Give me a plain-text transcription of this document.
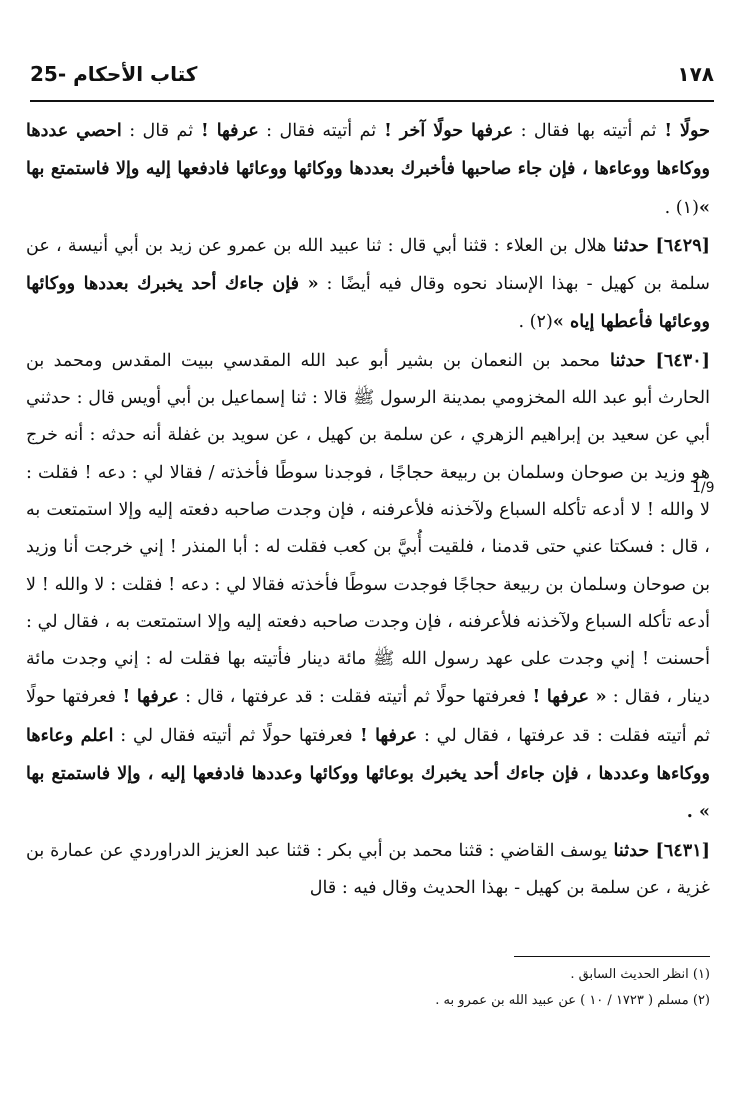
25- كتاب الأحكام	١٧٨

حولًا ! ثم أتيته بها فقال : عرفها حولًا آخر ! ثم أتيته فقال : عرفها ! ثم قال : احصي عددها ووكاءها ووعاءها ، فإن جاء صاحبها فأخبرك بعددها ووكائها ووعائها فادفعها إليه وإلا فاستمتع بها »(١) .

[٦٤٢٩] حدثنا هلال بن العلاء : قثنا أبي قال : ثنا عبيد الله بن عمرو عن زيد بن أبي أنيسة ، عن سلمة بن كهيل - بهذا الإسناد نحوه وقال فيه أيضًا : « فإن جاءك أحد يخبرك بعددها ووكائها ووعائها فأعطها إياه »(٢) .

[٦٤٣٠] حدثنا محمد بن النعمان بن بشير أبو عبد الله المقدسي ببيت المقدس ومحمد بن الحارث أبو عبد الله المخزومي بمدينة الرسول ﷺ قالا : ثنا إسماعيل بن أبي أويس قال : حدثني أبي عن سعيد بن إبراهيم الزهري ، عن سلمة بن كهيل ، عن سويد بن غفلة أنه حدثه : أنه خرج هو وزيد بن صوحان وسلمان بن ربيعة حجاجًا ، فوجدنا سوطًا فأخذته / فقالا لي : دعه ! فقلت : لا والله ! لا أدعه تأكله السباع ولآخذنه فلأعرفنه ، فإن وجدت صاحبه دفعته إليه وإلا استمتعت به ، قال : فسكتا عني حتى قدمنا ، فلقيت أُبيَّ بن كعب فقلت له : أبا المنذر ! إني خرجت أنا وزيد بن صوحان وسلمان بن ربيعة حجاجًا فوجدت سوطًا فأخذته فقالا لي : دعه ! فقلت : لا والله ! لا أدعه تأكله السباع ولآخذنه فلأعرفنه ، فإن وجدت صاحبه دفعته إليه وإلا استمتعت به ، فقال لي : أحسنت ! إني وجدت على عهد رسول الله ﷺ مائة دينار فأتيته بها فقلت له : إني وجدت مائة دينار ، فقال : « عرفها ! فعرفتها حولًا ثم أتيته فقلت : قد عرفتها ، قال : عرفها ! فعرفتها حولًا ثم أتيته فقلت : قد عرفتها ، فقال لي : عرفها ! فعرفتها حولًا ثم أتيته فقال لي : اعلم وعاءها ووكاءها وعددها ، فإن جاءك أحد يخبرك بوعائها ووكائها وعددها فادفعها إليه ، وإلا فاستمتع بها » .

[٦٤٣١] حدثنا يوسف القاضي : قثنا محمد بن أبي بكر : قثنا عبد العزيز الدراوردي عن عمارة بن غزية ، عن سلمة بن كهيل - بهذا الحديث وقال فيه : قال

1/9

(١) انظر الحديث السابق .

(٢) مسلم ( ١٧٢٣ / ١٠ ) عن عبيد الله بن عمرو به .
